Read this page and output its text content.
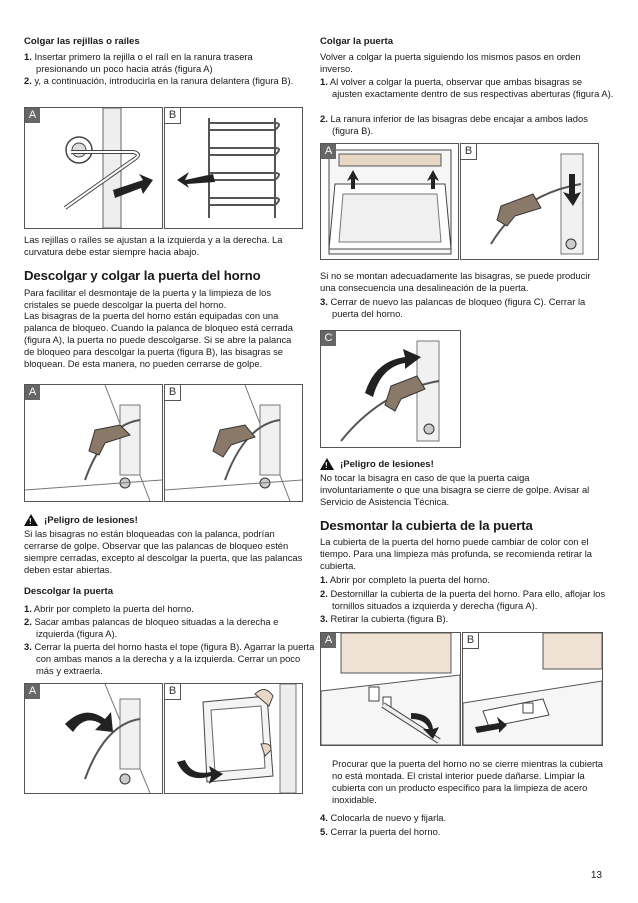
Colgar las rejillas o raíles
1. Insertar primero la rejilla o el raíl en la ranura trasera presionando un poco hacia atrás (figura A)
2. y, a continuación, introducirla en la ranura delantera (figura B).
A	B
Las rejillas o raíles se ajustan a la izquierda y a la derecha. La curvatura debe estar siempre hacia abajo.
Descolgar y colgar la puerta del horno
Para facilitar el desmontaje de la puerta y la limpieza de los cristales se puede descolgar la puerta del horno.
Las bisagras de la puerta del horno están equipadas con una palanca de bloqueo. Cuando la palanca de bloqueo está cerrada (figura A), la puerta no puede descolgarse. Si se abre la palanca de bloqueo para descolgar la puerta (figura B), las bisagras se bloquean. De esta manera, no pueden cerrarse de golpe.
A	B
! ¡Peligro de lesiones!
Si las bisagras no están bloqueadas con la palanca, podrían cerrarse de golpe. Observar que las palancas de bloqueo estén siempre cerradas, excepto al descolgar la puerta, que las palancas deben estar abiertas.
Descolgar la puerta
1. Abrir por completo la puerta del horno.
2. Sacar ambas palancas de bloqueo situadas a la derecha e izquierda (figura A).
3. Cerrar la puerta del horno hasta el tope (figura B). Agarrar la puerta con ambas manos a la derecha y a la izquierda. Cerrar un poco más y extraerla.
A	B
Colgar la puerta
Volver a colgar la puerta siguiendo los mismos pasos en orden inverso.
1. Al volver a colgar la puerta, observar que ambas bisagras se ajusten exactamente dentro de sus respectivas aberturas (figura A).
2. La ranura inferior de las bisagras debe encajar a ambos lados (figura B).
A	B
Si no se montan adecuadamente las bisagras, se puede producir una consecuencia una desalineación de la puerta.
3. Cerrar de nuevo las palancas de bloqueo (figura C). Cerrar la puerta del horno.
C
! ¡Peligro de lesiones!
No tocar la bisagra en caso de que la puerta caiga involuntariamente o que una bisagra se cierre de golpe. Avisar al Servicio de Asistencia Técnica.
Desmontar la cubierta de la puerta
La cubierta de la puerta del horno puede cambiar de color con el tiempo. Para una limpieza más profunda, se recomienda retirar la cubierta.
1. Abrir por completo la puerta del horno.
2. Destornillar la cubierta de la puerta del horno. Para ello, aflojar los tornillos situados a izquierda y derecha (figura A).
3. Retirar la cubierta (figura B).
A	B
Procurar que la puerta del horno no se cierre mientras la cubierta no está montada. El cristal interior puede dañarse. Limpiar la cubierta con un producto específico para la limpieza de acero inoxidable.
4. Colocarla de nuevo y fijarla.
5. Cerrar la puerta del horno.
13
